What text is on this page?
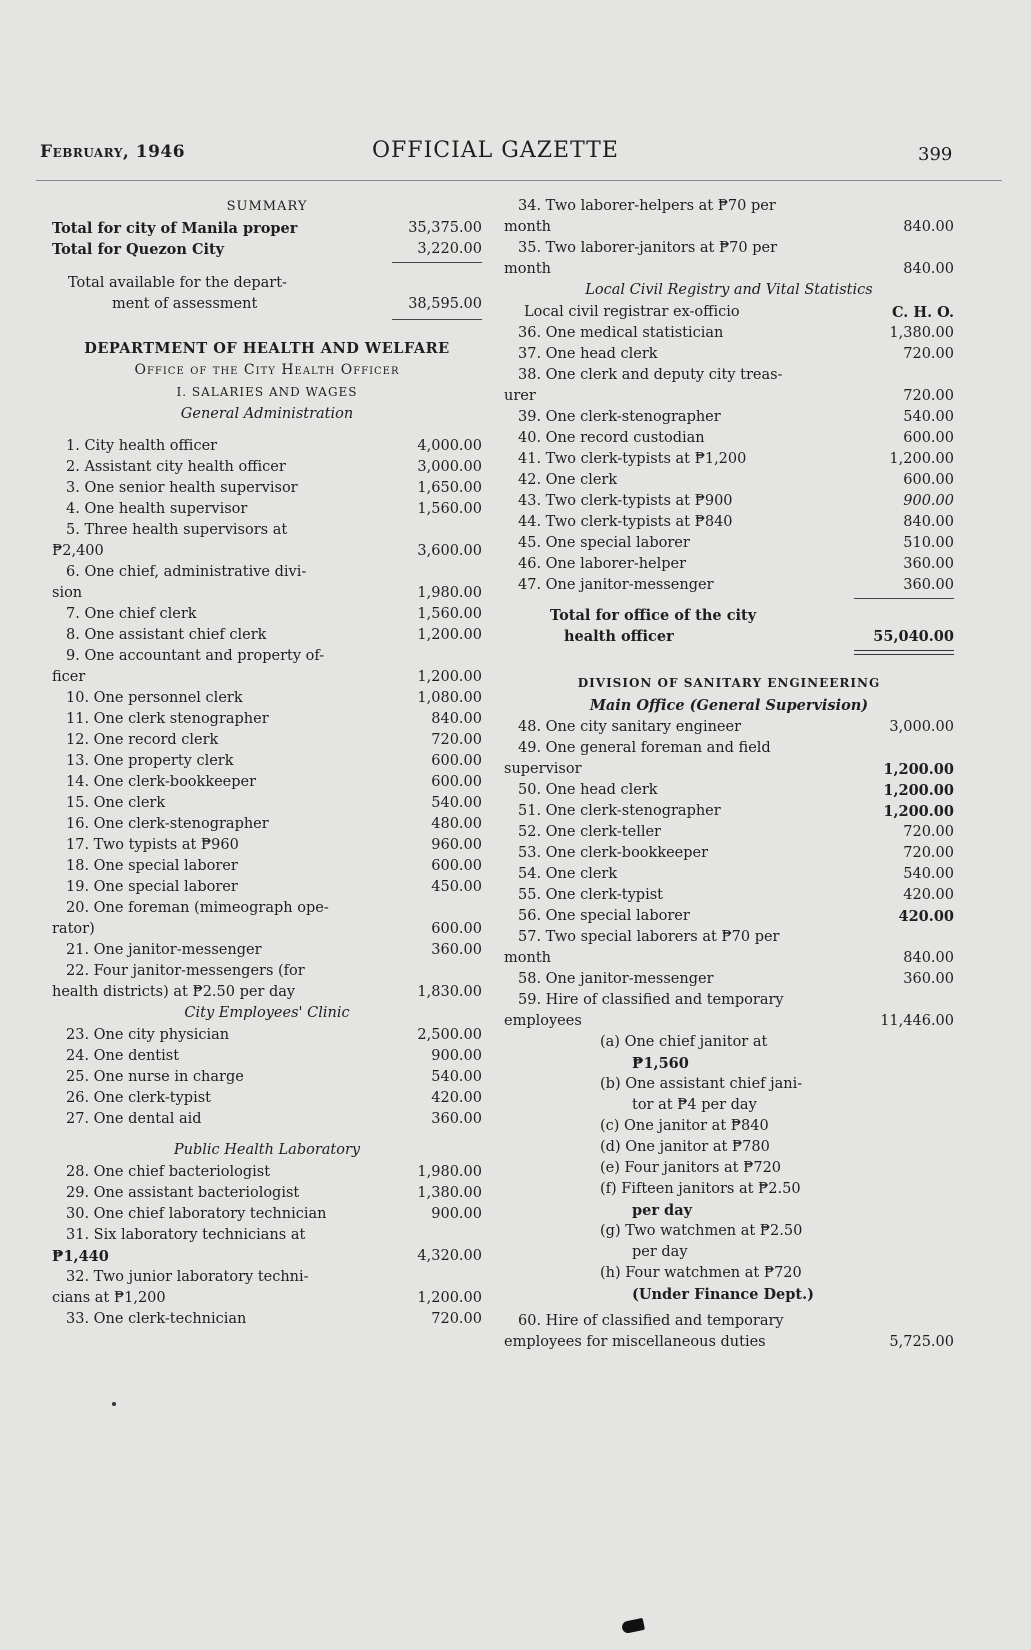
February, 1946	OFFICIAL GAZETTE	399
SUMMARY
Total for city of Manila proper	35,375.00
Total for Quezon City	3,220.00
Total available for the depart-
ment of assessment	38,595.00
DEPARTMENT OF HEALTH AND WELFARE
Office of the City Health Officer
I. SALARIES AND WAGES
General Administration
1. City health officer	4,000.00
2. Assistant city health officer	3,000.00
3. One senior health supervisor	1,650.00
4. One health supervisor	1,560.00
5. Three health supervisors at
₱2,400	3,600.00
6. One chief, administrative divi-
sion	1,980.00
7. One chief clerk	1,560.00
8. One assistant chief clerk	1,200.00
9. One accountant and property of-
ficer	1,200.00
10. One personnel clerk	1,080.00
11. One clerk stenographer	840.00
12. One record clerk	720.00
13. One property clerk	600.00
14. One clerk-bookkeeper	600.00
15. One clerk	540.00
16. One clerk-stenographer	480.00
17. Two typists at ₱960	960.00
18. One special laborer	600.00
19. One special laborer	450.00
20. One foreman (mimeograph ope-
rator)	600.00
21. One janitor-messenger	360.00
22. Four janitor-messengers (for
health districts) at ₱2.50 per day	1,830.00
City Employees' Clinic
23. One city physician	2,500.00
24. One dentist	900.00
25. One nurse in charge	540.00
26. One clerk-typist	420.00
27. One dental aid	360.00
Public Health Laboratory
28. One chief bacteriologist	1,980.00
29. One assistant bacteriologist	1,380.00
30. One chief laboratory technician	900.00
31. Six laboratory technicians at
₱1,440	4,320.00
32. Two junior laboratory techni-
cians at ₱1,200	1,200.00
33. One clerk-technician	720.00
34. Two laborer-helpers at ₱70 per
month	840.00
35. Two laborer-janitors at ₱70 per
month	840.00
Local Civil Registry and Vital Statistics
Local civil registrar ex-officio	C. H. O.
36. One medical statistician	1,380.00
37. One head clerk	720.00
38. One clerk and deputy city treas-
urer	720.00
39. One clerk-stenographer	540.00
40. One record custodian	600.00
41. Two clerk-typists at ₱1,200	1,200.00
42. One clerk	600.00
43. Two clerk-typists at ₱900	900.00
44. Two clerk-typists at ₱840	840.00
45. One special laborer	510.00
46. One laborer-helper	360.00
47. One janitor-messenger	360.00
Total for office of the city
health officer	55,040.00
DIVISION OF SANITARY ENGINEERING
Main Office (General Supervision)
48. One city sanitary engineer	3,000.00
49. One general foreman and field
supervisor	1,200.00
50. One head clerk	1,200.00
51. One clerk-stenographer	1,200.00
52. One clerk-teller	720.00
53. One clerk-bookkeeper	720.00
54. One clerk	540.00
55. One clerk-typist	420.00
56. One special laborer	420.00
57. Two special laborers at ₱70 per
month	840.00
58. One janitor-messenger	360.00
59. Hire of classified and temporary
employees	11,446.00
(a) One chief janitor at
₱1,560
(b) One assistant chief jani-
tor at ₱4 per day
(c) One janitor at ₱840
(d) One janitor at ₱780
(e) Four janitors at ₱720
(f) Fifteen janitors at ₱2.50
per day
(g) Two watchmen at ₱2.50
per day
(h) Four watchmen at ₱720
(Under Finance Dept.)
60. Hire of classified and temporary
employees for miscellaneous duties	5,725.00
